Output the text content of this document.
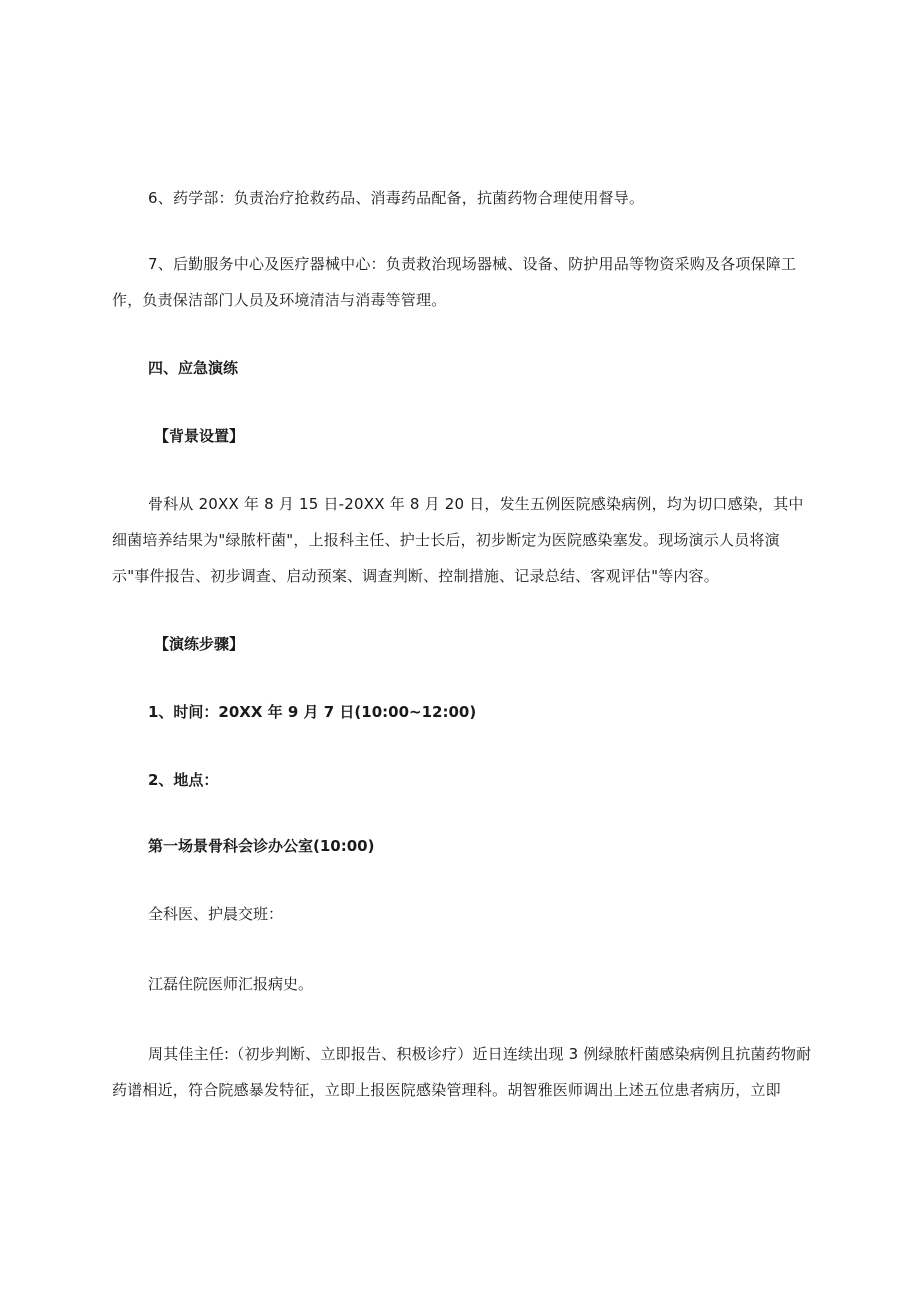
6、药学部：负责治疗抢救药品、消毒药品配备，抗菌药物合理使用督导。

7、后勤服务中心及医疗器械中心：负责救治现场器械、设备、防护用品等物资采购及各项保障工作，负责保洁部门人员及环境清洁与消毒等管理。

四、应急演练

【背景设置】

骨科从 20XX 年 8 月 15 日-20XX 年 8 月 20 日，发生五例医院感染病例，均为切口感染，其中细菌培养结果为"绿脓杆菌"，上报科主任、护士长后，初步断定为医院感染塞发。现场演示人员将演示"事件报告、初步调查、启动预案、调查判断、控制措施、记录总结、客观评估"等内容。

【演练步骤】

1、时间：20XX 年 9 月 7 日(10:00~12:00)

2、地点：

第一场景骨科会诊办公室(10:00)

全科医、护晨交班：

江磊住院医师汇报病史。

周其佳主任:（初步判断、立即报告、积极诊疗）近日连续出现 3 例绿脓杆菌感染病例且抗菌药物耐药谱相近，符合院感暴发特征，立即上报医院感染管理科。胡智雅医师调出上述五位患者病历，立即
